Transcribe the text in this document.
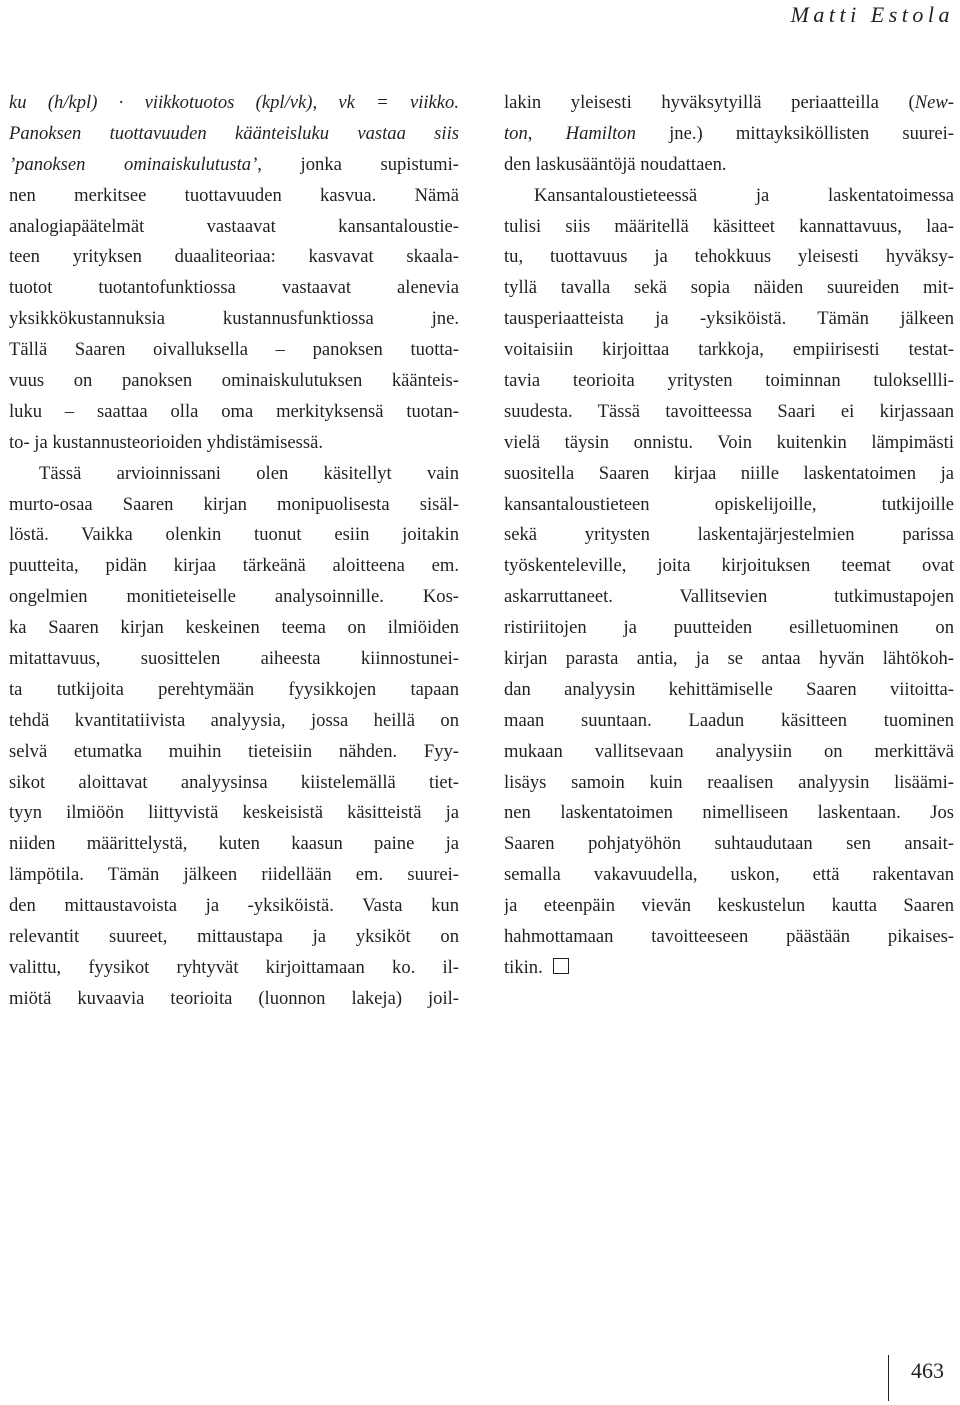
Matti Estola
ku (h/kpl) · viikkotuotos (kpl/vk), vk = viikko.
Panoksen tuottavuuden käänteisluku vastaa siis
’panoksen ominaiskulutusta’, jonka supistumi-
nen merkitsee tuottavuuden kasvua. Nämä
analogiapäätelmät vastaavat kansantaloustie-
teen yrityksen duaaliteoriaa: kasvavat skaala-
tuotot tuotantofunktiossa vastaavat alenevia
yksikkökustannuksia kustannusfunktiossa jne.
Tällä Saaren oivalluksella – panoksen tuotta-
vuus on panoksen ominaiskulutuksen käänteis-
luku – saattaa olla oma merkityksensä tuotan-
to- ja kustannusteorioiden yhdistämisessä.
Tässä arvioinnissani olen käsitellyt vain
murto-osaa Saaren kirjan monipuolisesta sisäl-
löstä. Vaikka olenkin tuonut esiin joitakin
puutteita, pidän kirjaa tärkeänä aloitteena em.
ongelmien monitieteiselle analysoinnille. Kos-
ka Saaren kirjan keskeinen teema on ilmiöiden
mitattavuus, suosittelen aiheesta kiinnostunei-
ta tutkijoita perehtymään fyysikkojen tapaan
tehdä kvantitatiivista analyysia, jossa heillä on
selvä etumatka muihin tieteisiin nähden. Fyy-
sikot aloittavat analyysinsa kiistelemällä tiet-
tyyn ilmiöön liittyvistä keskeisistä käsitteistä ja
niiden määrittelystä, kuten kaasun paine ja
lämpötila. Tämän jälkeen riidellään em. suurei-
den mittaustavoista ja -yksiköistä. Vasta kun
relevantit suureet, mittaustapa ja yksiköt on
valittu, fyysikot ryhtyvät kirjoittamaan ko. il-
miötä kuvaavia teorioita (luonnon lakeja) joil-
lakin yleisesti hyväksytyillä periaatteilla (New-
ton, Hamilton jne.) mittayksiköllisten suurei-
den laskusääntöjä noudattaen.
Kansantaloustieteessä ja laskentatoimessa
tulisi siis määritellä käsitteet kannattavuus, laa-
tu, tuottavuus ja tehokkuus yleisesti hyväksy-
tyllä tavalla sekä sopia näiden suureiden mit-
tausperiaatteista ja -yksiköistä. Tämän jälkeen
voitaisiin kirjoittaa tarkkoja, empiirisesti testat-
tavia teorioita yritysten toiminnan tuloksellli-
suudesta. Tässä tavoitteessa Saari ei kirjassaan
vielä täysin onnistu. Voin kuitenkin lämpimästi
suositella Saaren kirjaa niille laskentatoimen ja
kansantaloustieteen opiskelijoille, tutkijoille
sekä yritysten laskentajärjestelmien parissa
työskenteleville, joita kirjoituksen teemat ovat
askarruttaneet. Vallitsevien tutkimustapojen
ristiriitojen ja puutteiden esilletuominen on
kirjan parasta antia, ja se antaa hyvän lähtökoh-
dan analyysin kehittämiselle Saaren viitoitta-
maan suuntaan. Laadun käsitteen tuominen
mukaan vallitsevaan analyysiin on merkittävä
lisäys samoin kuin reaalisen analyysin lisäämi-
nen laskentatoimen nimelliseen laskentaan. Jos
Saaren pohjatyöhön suhtaudutaan sen ansait-
semalla vakavuudella, uskon, että rakentavan
ja eteenpäin vievän keskustelun kautta Saaren
hahmottamaan tavoitteeseen päästään pikaises-
tikin.
463
